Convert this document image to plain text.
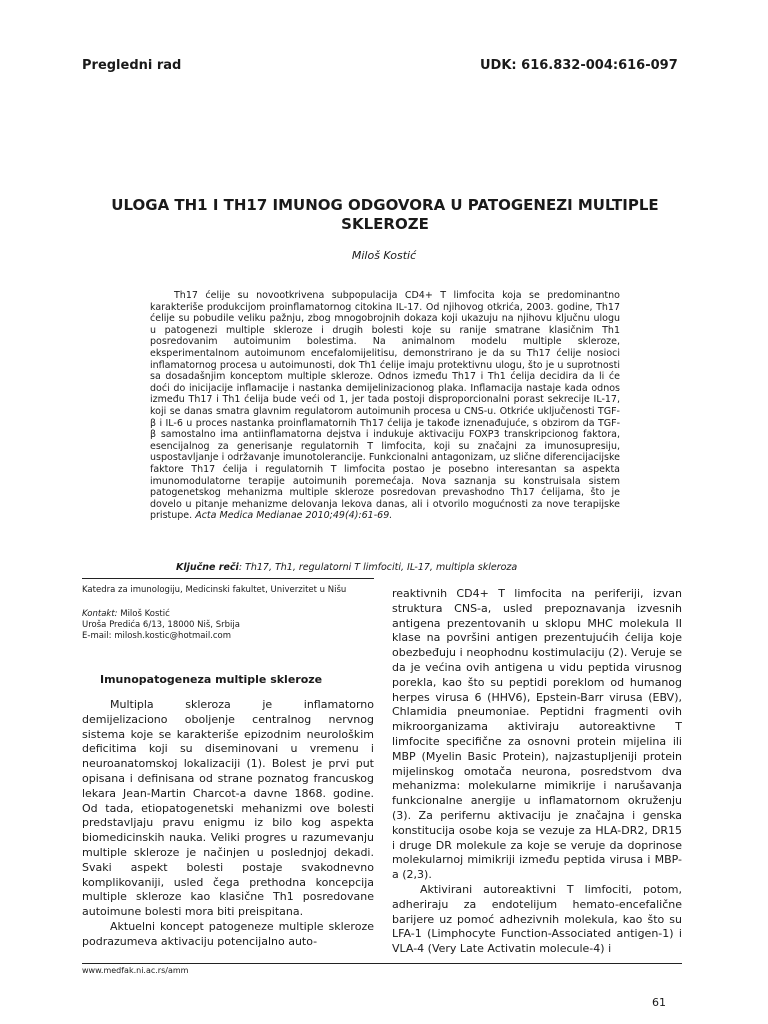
Pregledni rad	UDK: 616.832-004:616-097
ULOGA TH1 I TH17 IMUNOG ODGOVORA U PATOGENEZI MULTIPLE SKLEROZE
Miloš Kostić

Th17 ćelije su novootkrivena subpopulacija CD4+ T limfocita koja se predominantno karakteriše produkcijom proinflamatornog citokina IL-17. Od njihovog otkrića, 2003. godine, Th17 ćelije su pobudile veliku pažnju, zbog mnogobrojnih dokaza koji ukazuju na njihovu ključnu ulogu u patogenezi multiple skleroze i drugih bolesti koje su ranije smatrane klasičnim Th1 posredovanim autoimunim bolestima. Na animalnom modelu multiple skleroze, eksperimentalnom autoimunom encefalomijelitisu, demonstrirano je da su Th17 ćelije nosioci inflamatornog procesa u autoimunosti, dok Th1 ćelije imaju protektivnu ulogu, što je u suprotnosti sa dosadašnjim konceptom multiple skleroze. Odnos između Th17 i Th1 ćelija decidira da li će doći do inicijacije inflamacije i nastanka demijelinizacionog plaka. Inflamacija nastaje kada odnos između Th17 i Th1 ćelija bude veći od 1, jer tada postoji disproporcionalni porast sekrecije IL-17, koji se danas smatra glavnim regulatorom autoimunih procesa u CNS-u. Otkriće uključenosti TGF-β i IL-6 u proces nastanka proinflamatornih Th17 ćelija je takođe iznenađujuće, s obzirom da TGF-β samostalno ima antiinflamatorna dejstva i indukuje aktivaciju FOXP3 transkripcionog faktora, esencijalnog za generisanje regulatornih T limfocita, koji su značajni za imunosupresiju, uspostavljanje i održavanje imunotolerancije. Funkcionalni antagonizam, uz slične diferencijacijske faktore Th17 ćelija i regulatornih T limfocita postao je posebno interesantan sa aspekta imunomodulatorne terapije autoimunih poremećaja. Nova saznanja su konstruisala sistem patogenetskog mehanizma multiple skleroze posredovan prevashodno Th17 ćelijama, što je dovelo u pitanje mehanizme delovanja lekova danas, ali i otvorilo mogućnosti za nove terapijske pristupe. Acta Medica Medianae 2010;49(4):61-69.

Ključne reči: Th17, Th1, regulatorni T limfociti, IL-17, multipla skleroza
Katedra za imunologiju, Medicinski fakultet, Univerzitet u Nišu
Kontakt: Miloš Kostić
Uroša Predića 6/13, 18000 Niš, Srbija
E-mail: milosh.kostic@hotmail.com
Imunopatogeneza multiple skleroze

Multipla skleroza je inflamatorno demijelizaciono oboljenje centralnog nervnog sistema koje se karakteriše epizodnim neurološkim deficitima koji su diseminovani u vremenu i neuroanatomskoj lokalizaciji (1). Bolest je prvi put opisana i definisana od strane poznatog francuskog lekara Jean-Martin Charcot-a davne 1868. godine. Od tada, etiopatogenetski mehanizmi ove bolesti predstavljaju pravu enigmu iz bilo kog aspekta biomedicinskih nauka. Veliki progres u razumevanju multiple skleroze je načinjen u poslednjoj dekadi. Svaki aspekt bolesti postaje svakodnevno komplikovaniji, usled čega prethodna koncepcija multiple skleroze kao klasične Th1 posredovane autoimune bolesti mora biti preispitana.

Aktuelni koncept patogeneze multiple skleroze podrazumeva aktivaciju potencijalno auto-

reaktivnih CD4+ T limfocita na periferiji, izvan struktura CNS-a, usled prepoznavanja izvesnih antigena prezentovanih u sklopu MHC molekula II klase na površini antigen prezentujućih ćelija koje obezbeđuju i neophodnu kostimulaciju (2). Veruje se da je većina ovih antigena u vidu peptida virusnog porekla, kao što su peptidi poreklom od humanog herpes virusa 6 (HHV6), Epstein-Barr virusa (EBV), Chlamidia pneumoniae. Peptidni fragmenti ovih mikroorganizama aktiviraju autoreaktivne T limfocite specifične za osnovni protein mijelina ili MBP (Myelin Basic Protein), najzastupljeniji protein mijelinskog omotača neurona, posredstvom dva mehanizma: molekularne mimikrije i narušavanja funkcionalne anergije u inflamatornom okruženju (3). Za perifernu aktivaciju je značajna i genska konstitucija osobe koja se vezuje za HLA-DR2, DR15 i druge DR molekule za koje se veruje da doprinose molekularnoj mimikriji između peptida virusa i MBP-a (2,3).

Aktivirani autoreaktivni T limfociti, potom, adheriraju za endotelijum hemato-encefalične barijere uz pomoć adhezivnih molekula, kao što su LFA-1 (Limphocyte Function-Associated antigen-1) i VLA-4 (Very Late Activatin molecule-4) i

www.medfak.ni.ac.rs/amm
61
